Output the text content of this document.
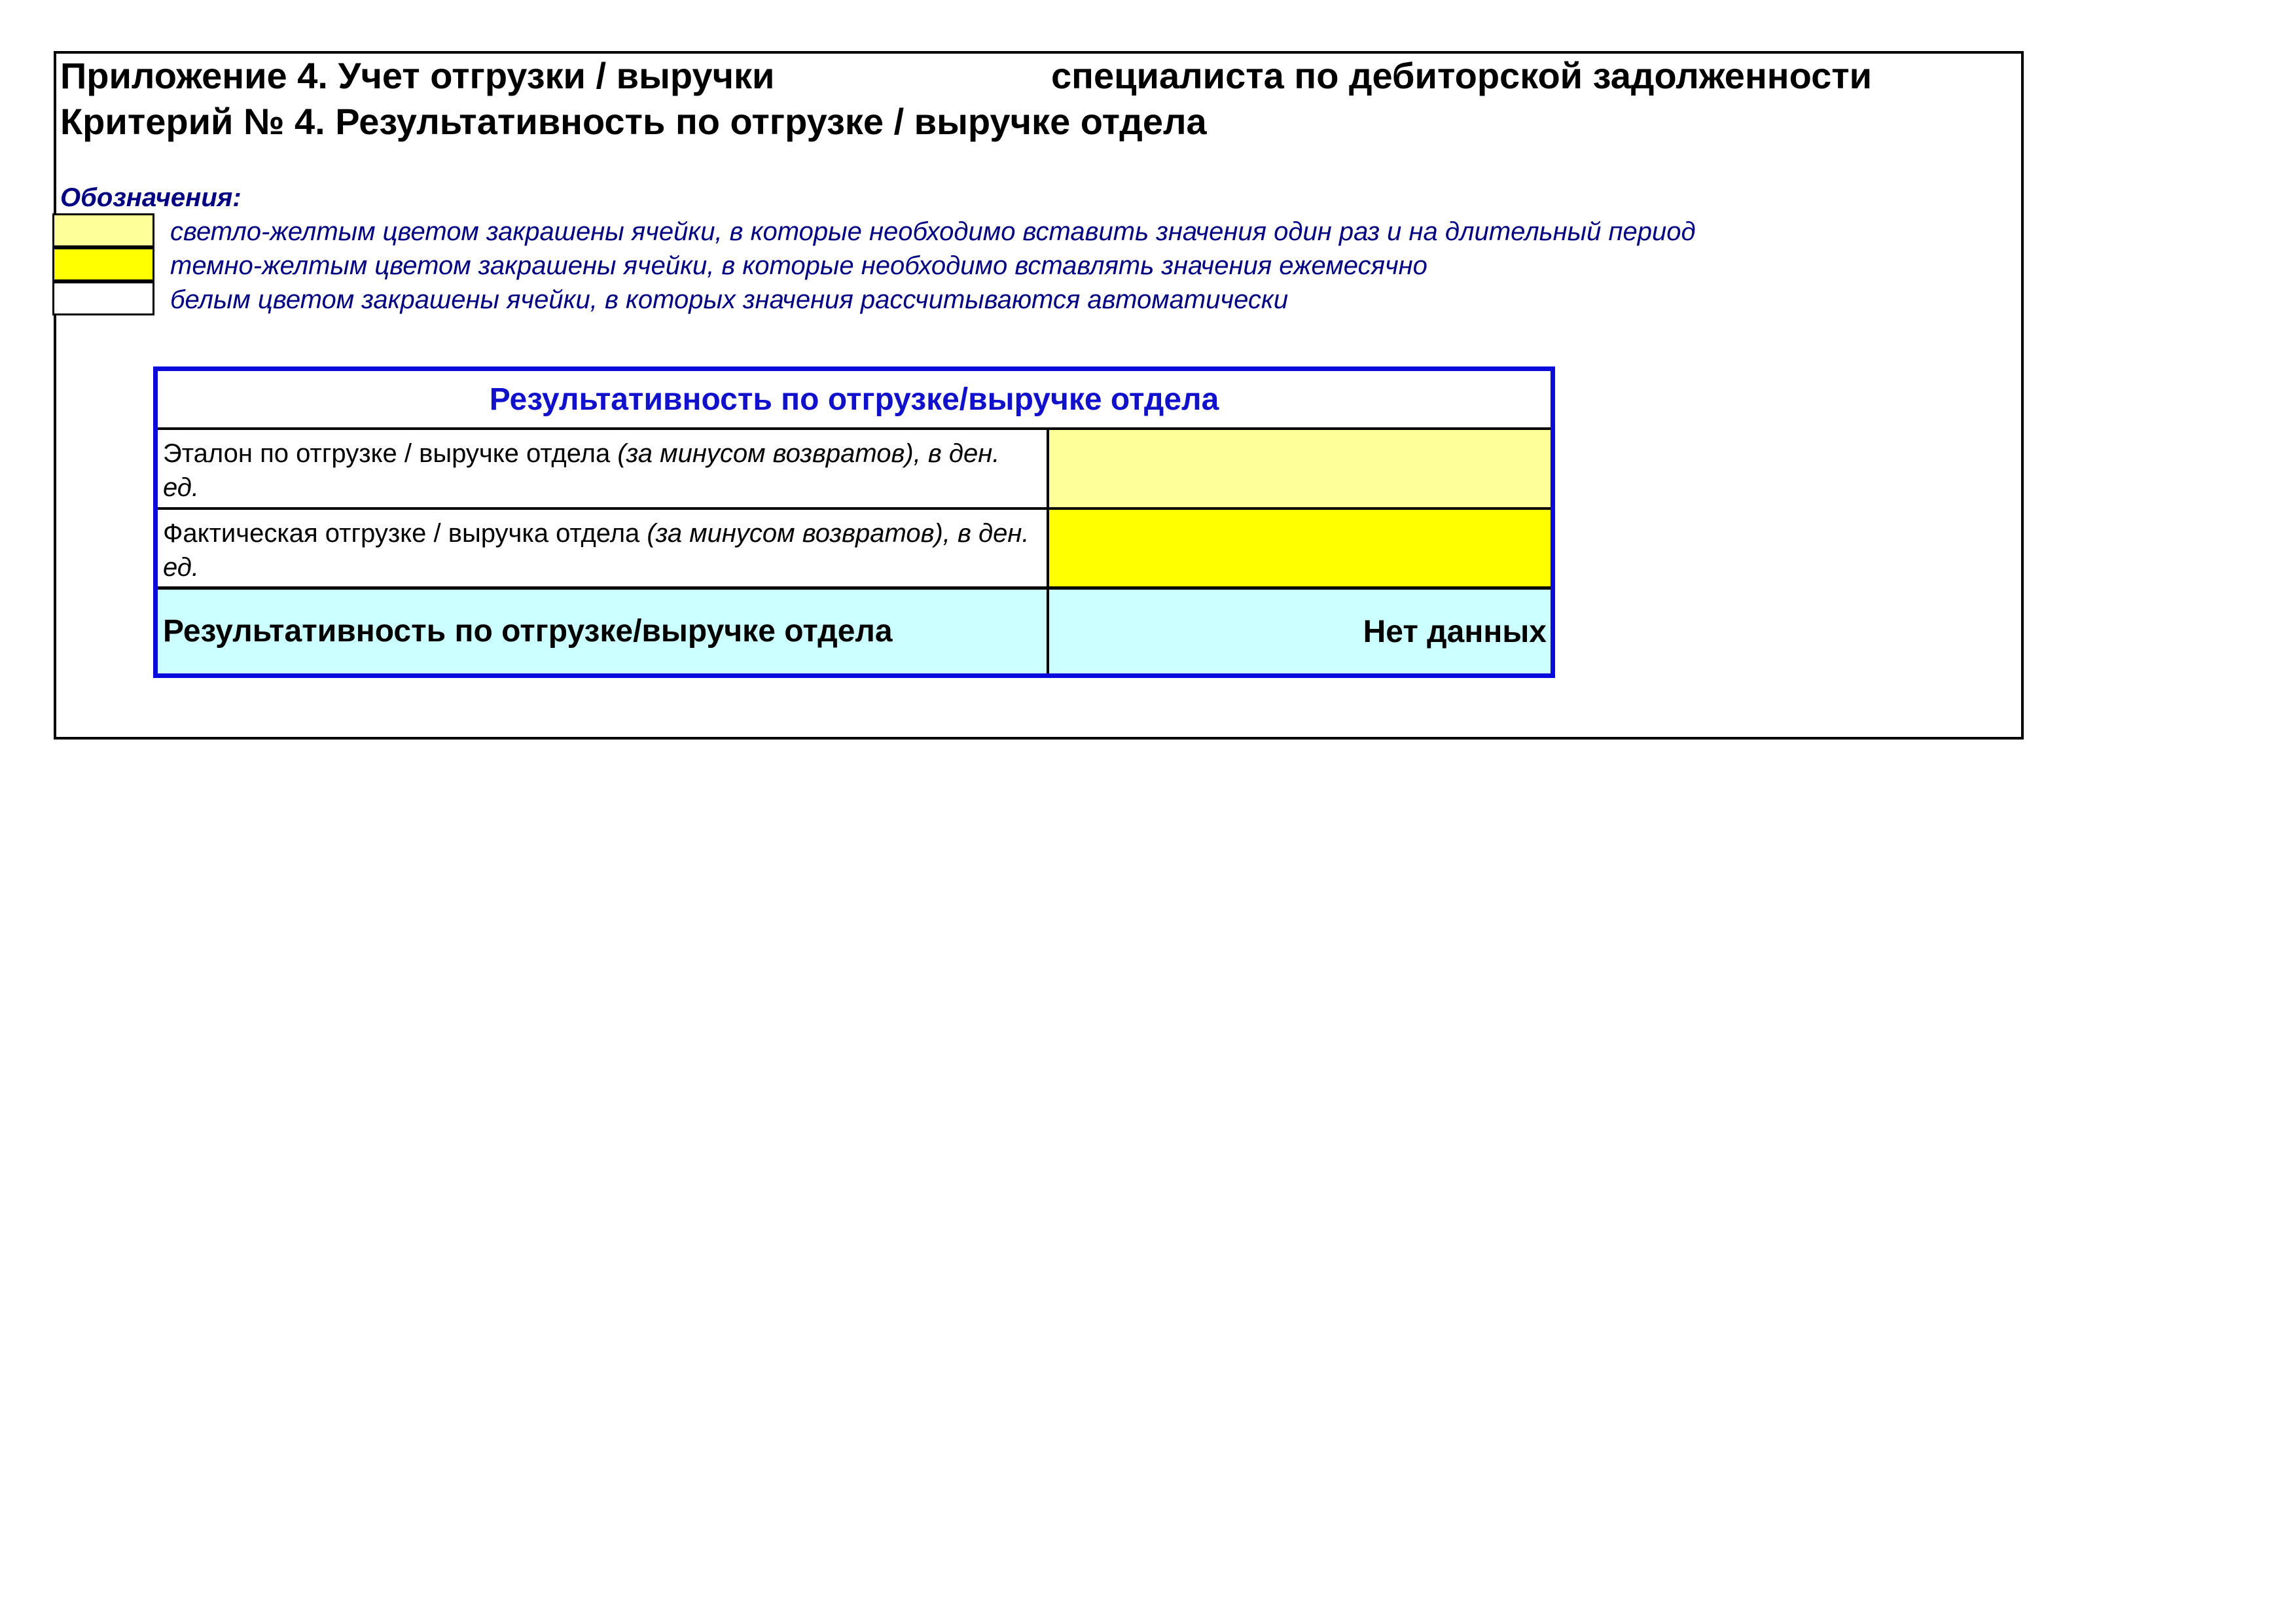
Приложение 4. Учет отгрузки / выручки	специалиста по дебиторской задолженности
Критерий № 4. Результативность по отгрузке / выручке отдела
Обозначения:
светло-желтым цветом закрашены ячейки, в которые необходимо вставить значения один раз и на длительный период
темно-желтым цветом закрашены ячейки, в которые необходимо вставлять значения ежемесячно
белым цветом закрашены ячейки, в которых значения рассчитываются автоматически
Результативность по отгрузке/выручке отдела
Эталон по отгрузке / выручке отдела (за минусом возвратов), в ден. ед.
Фактическая отгрузке / выручка отдела (за минусом возвратов), в ден. ед.
Результативность по отгрузке/выручке отдела	Нет данных
